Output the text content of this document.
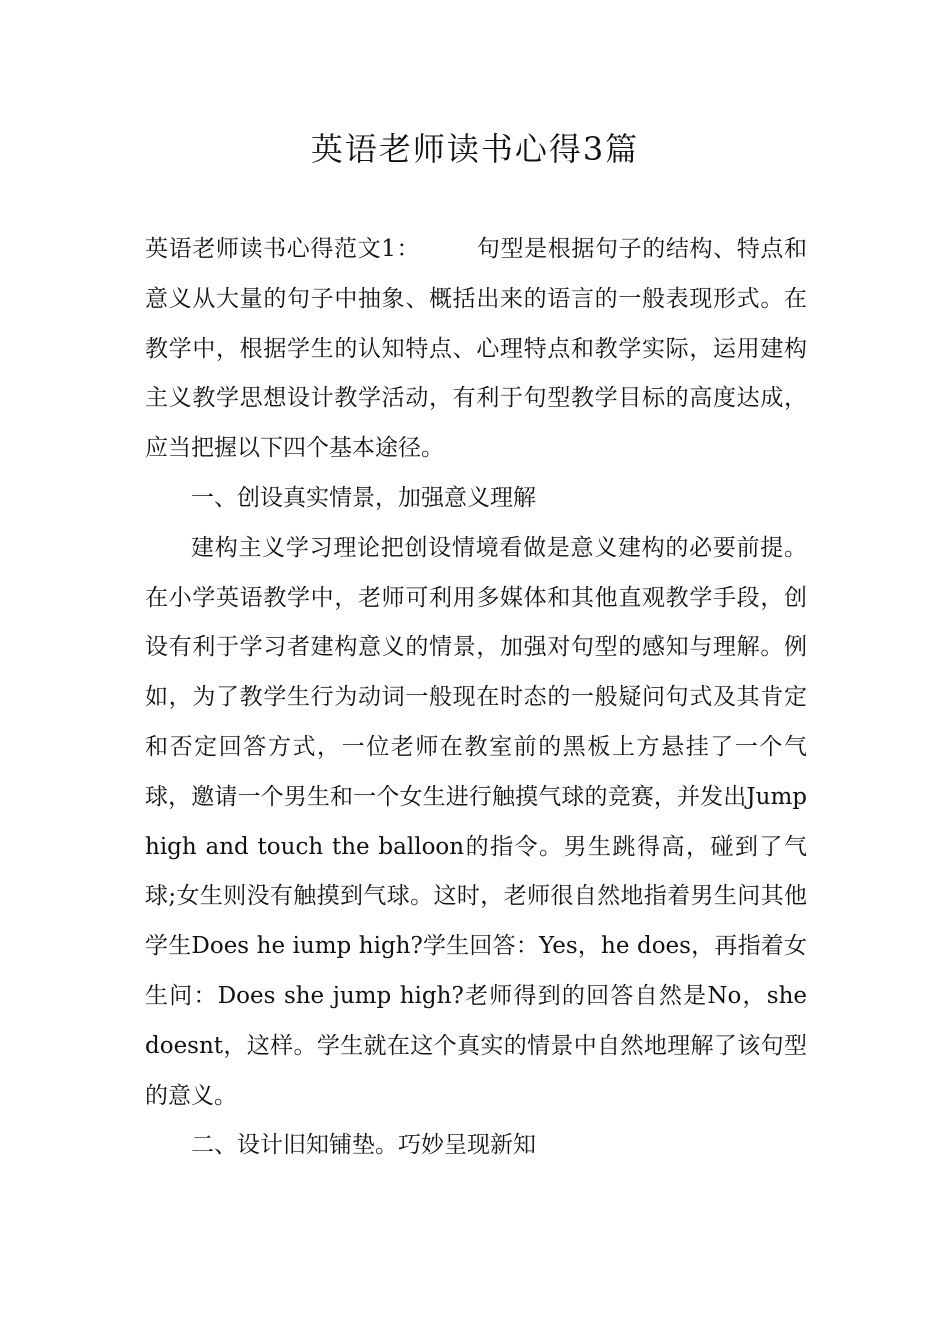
英语老师读书心得3篇

英语老师读书心得范文1： 句型是根据句子的结构、特点和意义从大量的句子中抽象、概括出来的语言的一般表现形式。在教学中，根据学生的认知特点、心理特点和教学实际，运用建构主义教学思想设计教学活动，有利于句型教学目标的高度达成，应当把握以下四个基本途径。

一、创设真实情景，加强意义理解

建构主义学习理论把创设情境看做是意义建构的必要前提。在小学英语教学中，老师可利用多媒体和其他直观教学手段，创设有利于学习者建构意义的情景，加强对句型的感知与理解。例如，为了教学生行为动词一般现在时态的一般疑问句式及其肯定和否定回答方式，一位老师在教室前的黑板上方悬挂了一个气球，邀请一个男生和一个女生进行触摸气球的竞赛，并发出Jump high and touch the balloon的指令。男生跳得高，碰到了气球;女生则没有触摸到气球。这时，老师很自然地指着男生问其他学生Does he iump high?学生回答：Yes，he does，再指着女生问：Does she jump high?老师得到的回答自然是No，she doesnt，这样。学生就在这个真实的情景中自然地理解了该句型的意义。

二、设计旧知铺垫。巧妙呈现新知
